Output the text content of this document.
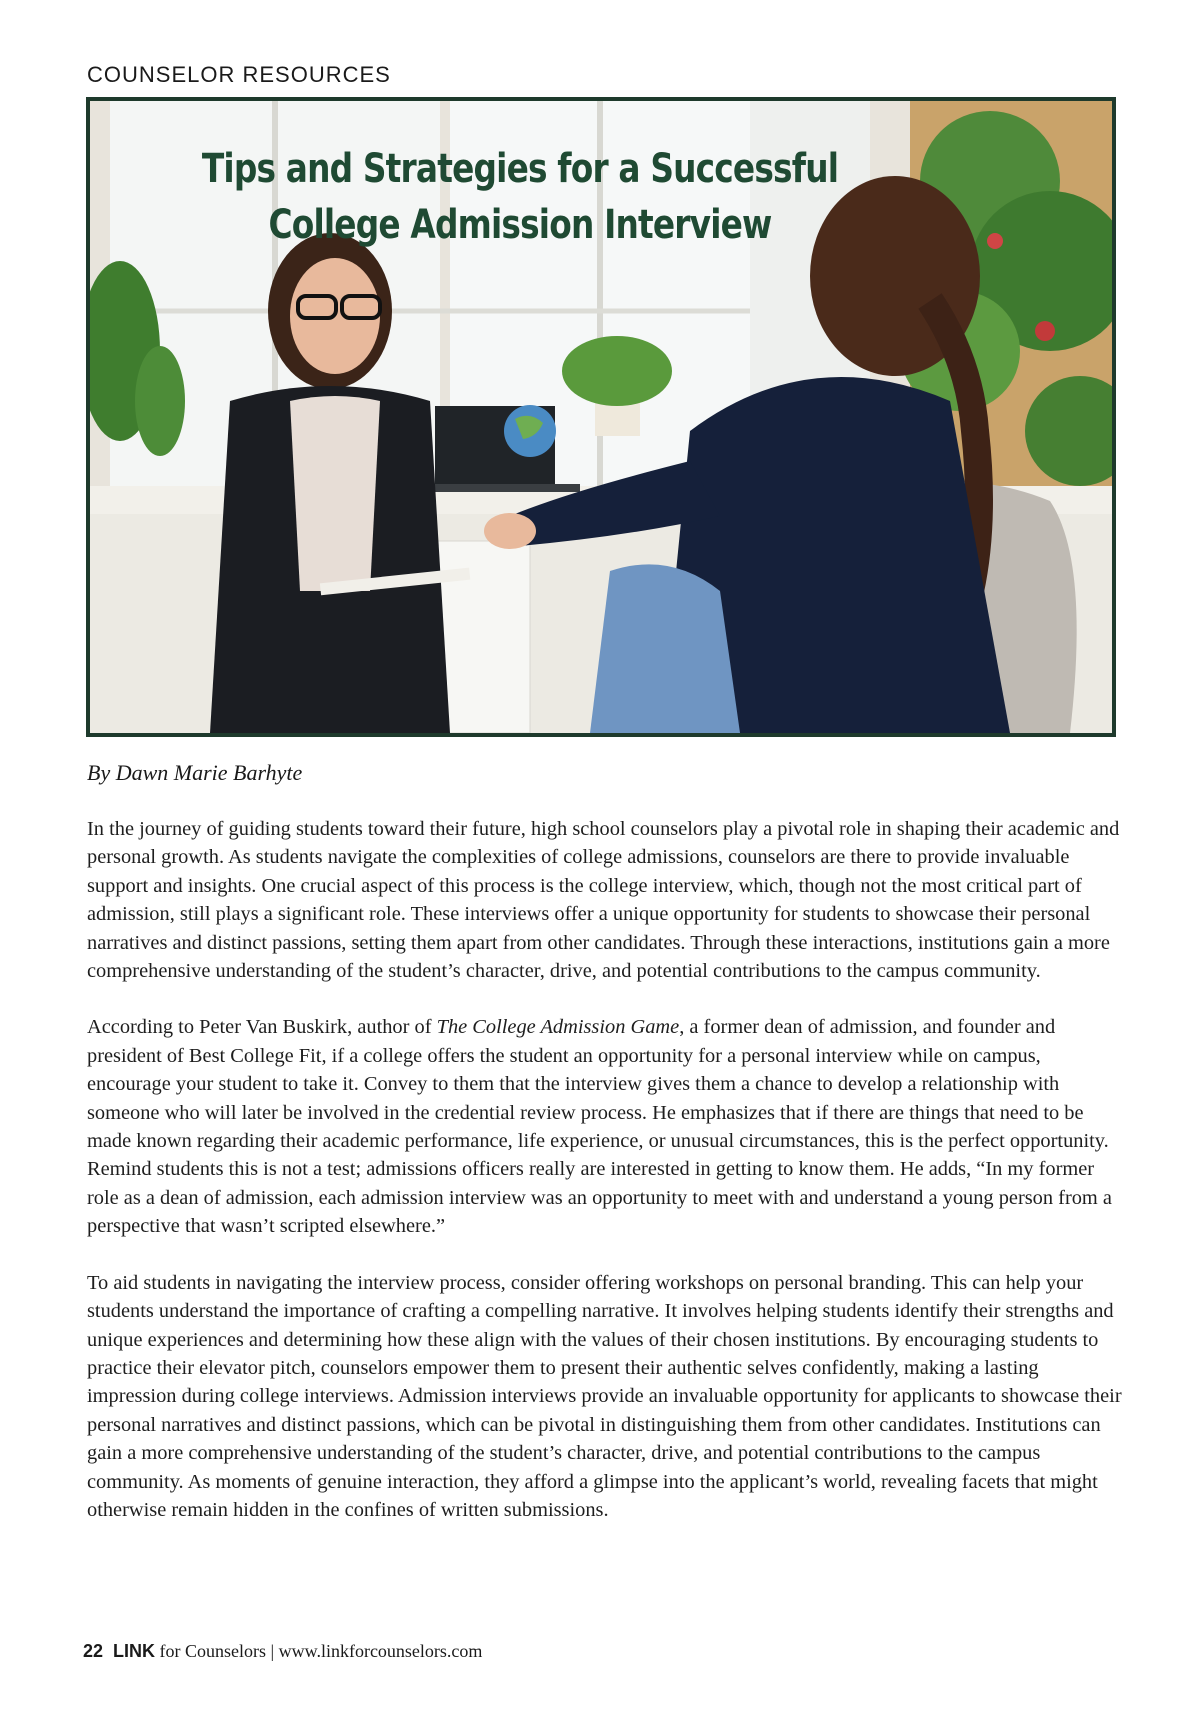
COUNSELOR RESOURCES
Tips and Strategies for a Successful
College Admission Interview
By Dawn Marie Barhyte

In the journey of guiding students toward their future, high school counselors play a pivotal role in shaping their academic and personal growth. As students navigate the complexities of college admissions, counselors are there to provide invaluable support and insights. One crucial aspect of this process is the college interview, which, though not the most critical part of admission, still plays a significant role. These interviews offer a unique opportunity for students to showcase their personal narratives and distinct passions, setting them apart from other candidates. Through these interactions, institutions gain a more comprehensive understanding of the student’s character, drive, and potential contributions to the campus community.

According to Peter Van Buskirk, author of The College Admission Game, a former dean of admission, and founder and president of Best College Fit, if a college offers the student an opportunity for a personal interview while on campus, encourage your student to take it. Convey to them that the interview gives them a chance to develop a relationship with someone who will later be involved in the credential review process. He emphasizes that if there are things that need to be made known regarding their academic performance, life experience, or unusual circumstances, this is the perfect opportunity. Remind students this is not a test; admissions officers really are interested in getting to know them. He adds, “In my former role as a dean of admission, each admission interview was an opportunity to meet with and understand a young person from a perspective that wasn’t scripted elsewhere.”

To aid students in navigating the interview process, consider offering workshops on personal branding. This can help your students understand the importance of crafting a compelling narrative. It involves helping students identify their strengths and unique experiences and determining how these align with the values of their chosen institutions. By encouraging students to practice their elevator pitch, counselors empower them to present their authentic selves confidently, making a lasting impression during college interviews. Admission interviews provide an invaluable opportunity for applicants to showcase their personal narratives and distinct passions, which can be pivotal in distinguishing them from other candidates. Institutions can gain a more comprehensive understanding of the student’s character, drive, and potential contributions to the campus community. As moments of genuine interaction, they afford a glimpse into the applicant’s world, revealing facets that might otherwise remain hidden in the confines of written submissions.

22 LINK for Counselors | www.linkforcounselors.com
